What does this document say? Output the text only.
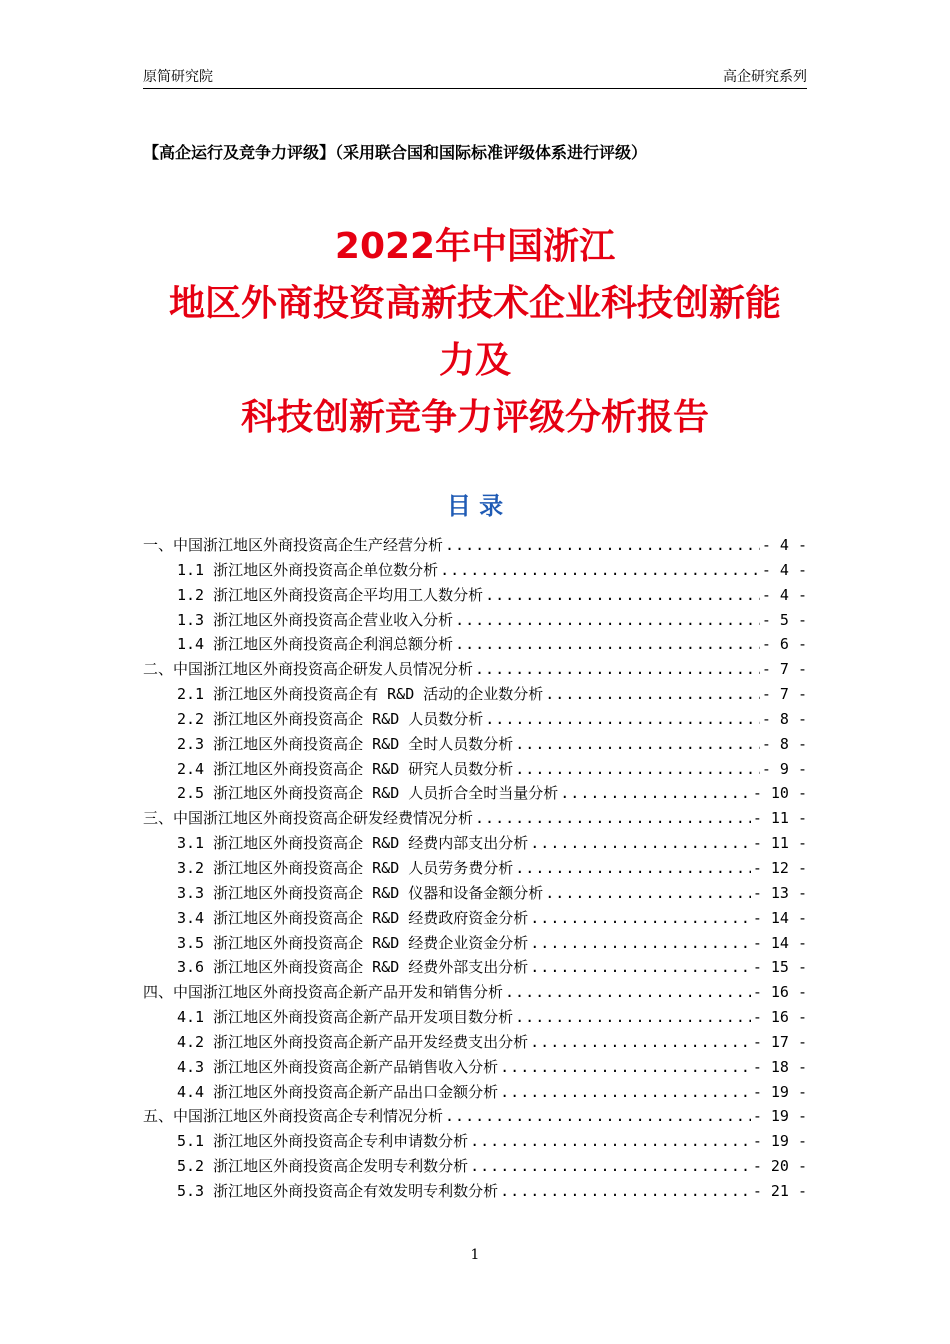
原简研究院	高企研究系列
【高企运行及竞争力评级】（采用联合国和国际标准评级体系进行评级）
2022年中国浙江
地区外商投资高新技术企业科技创新能
力及
科技创新竞争力评级分析报告
目 录
一、中国浙江地区外商投资高企生产经营分析 .....	- 4 -
1.1 浙江地区外商投资高企单位数分析 .....	- 4 -
1.2 浙江地区外商投资高企平均用工人数分析 .....	- 4 -
1.3 浙江地区外商投资高企营业收入分析 .....	- 5 -
1.4 浙江地区外商投资高企利润总额分析 .....	- 6 -
二、中国浙江地区外商投资高企研发人员情况分析 .....	- 7 -
2.1 浙江地区外商投资高企有 R&D 活动的企业数分析 .....	- 7 -
2.2 浙江地区外商投资高企 R&D 人员数分析 .....	- 8 -
2.3 浙江地区外商投资高企 R&D 全时人员数分析 .....	- 8 -
2.4 浙江地区外商投资高企 R&D 研究人员数分析 .....	- 9 -
2.5 浙江地区外商投资高企 R&D 人员折合全时当量分析 .....	- 10 -
三、中国浙江地区外商投资高企研发经费情况分析 .....	- 11 -
3.1 浙江地区外商投资高企 R&D 经费内部支出分析 .....	- 11 -
3.2 浙江地区外商投资高企 R&D 人员劳务费分析 .....	- 12 -
3.3 浙江地区外商投资高企 R&D 仪器和设备金额分析 .....	- 13 -
3.4 浙江地区外商投资高企 R&D 经费政府资金分析 .....	- 14 -
3.5 浙江地区外商投资高企 R&D 经费企业资金分析 .....	- 14 -
3.6 浙江地区外商投资高企 R&D 经费外部支出分析 .....	- 15 -
四、中国浙江地区外商投资高企新产品开发和销售分析 .....	- 16 -
4.1 浙江地区外商投资高企新产品开发项目数分析 .....	- 16 -
4.2 浙江地区外商投资高企新产品开发经费支出分析 .....	- 17 -
4.3 浙江地区外商投资高企新产品销售收入分析 .....	- 18 -
4.4 浙江地区外商投资高企新产品出口金额分析 .....	- 19 -
五、中国浙江地区外商投资高企专利情况分析 .....	- 19 -
5.1 浙江地区外商投资高企专利申请数分析 .....	- 19 -
5.2 浙江地区外商投资高企发明专利数分析 .....	- 20 -
5.3 浙江地区外商投资高企有效发明专利数分析 .....	- 21 -
1
